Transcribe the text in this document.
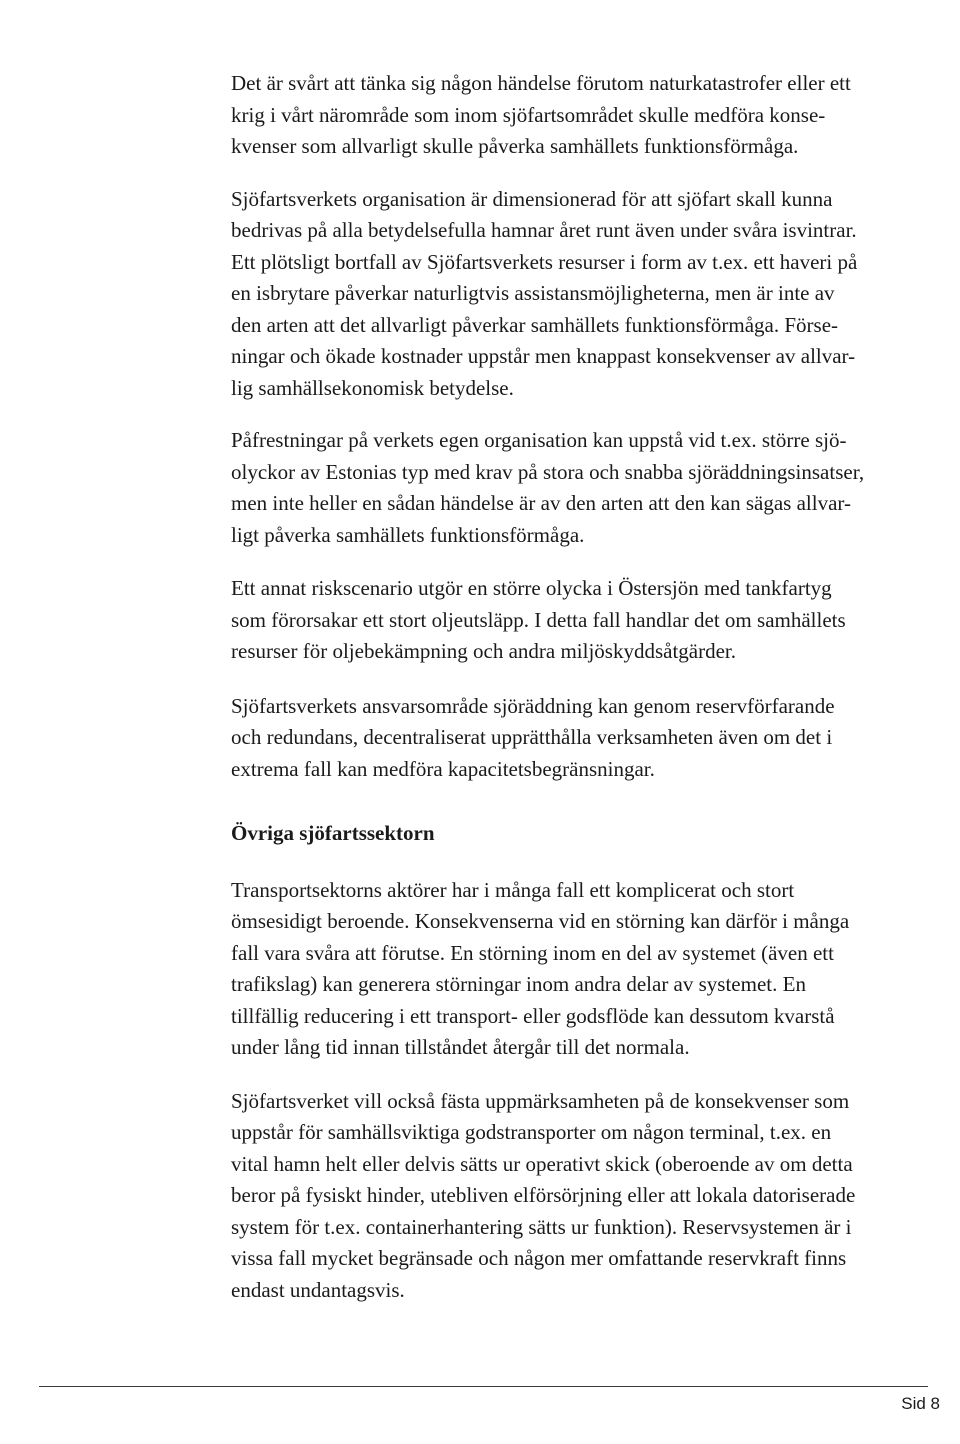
Det är svårt att tänka sig någon händelse förutom naturkatastrofer eller ett
krig i vårt närområde som inom sjöfartsområdet skulle medföra konse-
kvenser som allvarligt skulle påverka samhällets funktionsförmåga.

Sjöfartsverkets organisation är dimensionerad för att sjöfart skall kunna
bedrivas på alla betydelsefulla hamnar året runt även under svåra isvintrar.
Ett plötsligt bortfall av Sjöfartsverkets resurser i form av t.ex. ett haveri på
en isbrytare påverkar naturligtvis assistansmöjligheterna, men är inte av
den arten att det allvarligt påverkar samhällets funktionsförmåga. Förse-
ningar och ökade kostnader uppstår men knappast konsekvenser av allvar-
lig samhällsekonomisk betydelse.

Påfrestningar på verkets egen organisation kan uppstå vid t.ex. större sjö-
olyckor av Estonias typ med krav på stora och snabba sjöräddningsinsatser,
men inte heller en sådan händelse är av den arten att den kan sägas allvar-
ligt påverka samhällets funktionsförmåga.

Ett annat riskscenario utgör en större olycka i Östersjön med tankfartyg
som förorsakar ett stort oljeutsläpp. I detta fall handlar det om samhällets
resurser för oljebekämpning och andra miljöskyddsåtgärder.

Sjöfartsverkets ansvarsområde sjöräddning kan genom reservförfarande
och redundans, decentraliserat upprätthålla verksamheten även om det i
extrema fall kan medföra kapacitetsbegränsningar.

Övriga sjöfartssektorn

Transportsektorns aktörer har i många fall ett komplicerat och stort
ömsesidigt beroende. Konsekvenserna vid en störning kan därför i många
fall vara svåra att förutse. En störning inom en del av systemet (även ett
trafikslag) kan generera störningar inom andra delar av systemet. En
tillfällig reducering i ett transport- eller godsflöde kan dessutom kvarstå
under lång tid innan tillståndet återgår till det normala.

Sjöfartsverket vill också fästa uppmärksamheten på de konsekvenser som
uppstår för samhällsviktiga godstransporter om någon terminal, t.ex. en
vital hamn helt eller delvis sätts ur operativt skick (oberoende av om detta
beror på fysiskt hinder, utebliven elförsörjning eller att lokala datoriserade
system för t.ex. containerhantering sätts ur funktion). Reservsystemen är i
vissa fall mycket begränsade och någon mer omfattande reservkraft finns
endast undantagsvis.

Sid 8
